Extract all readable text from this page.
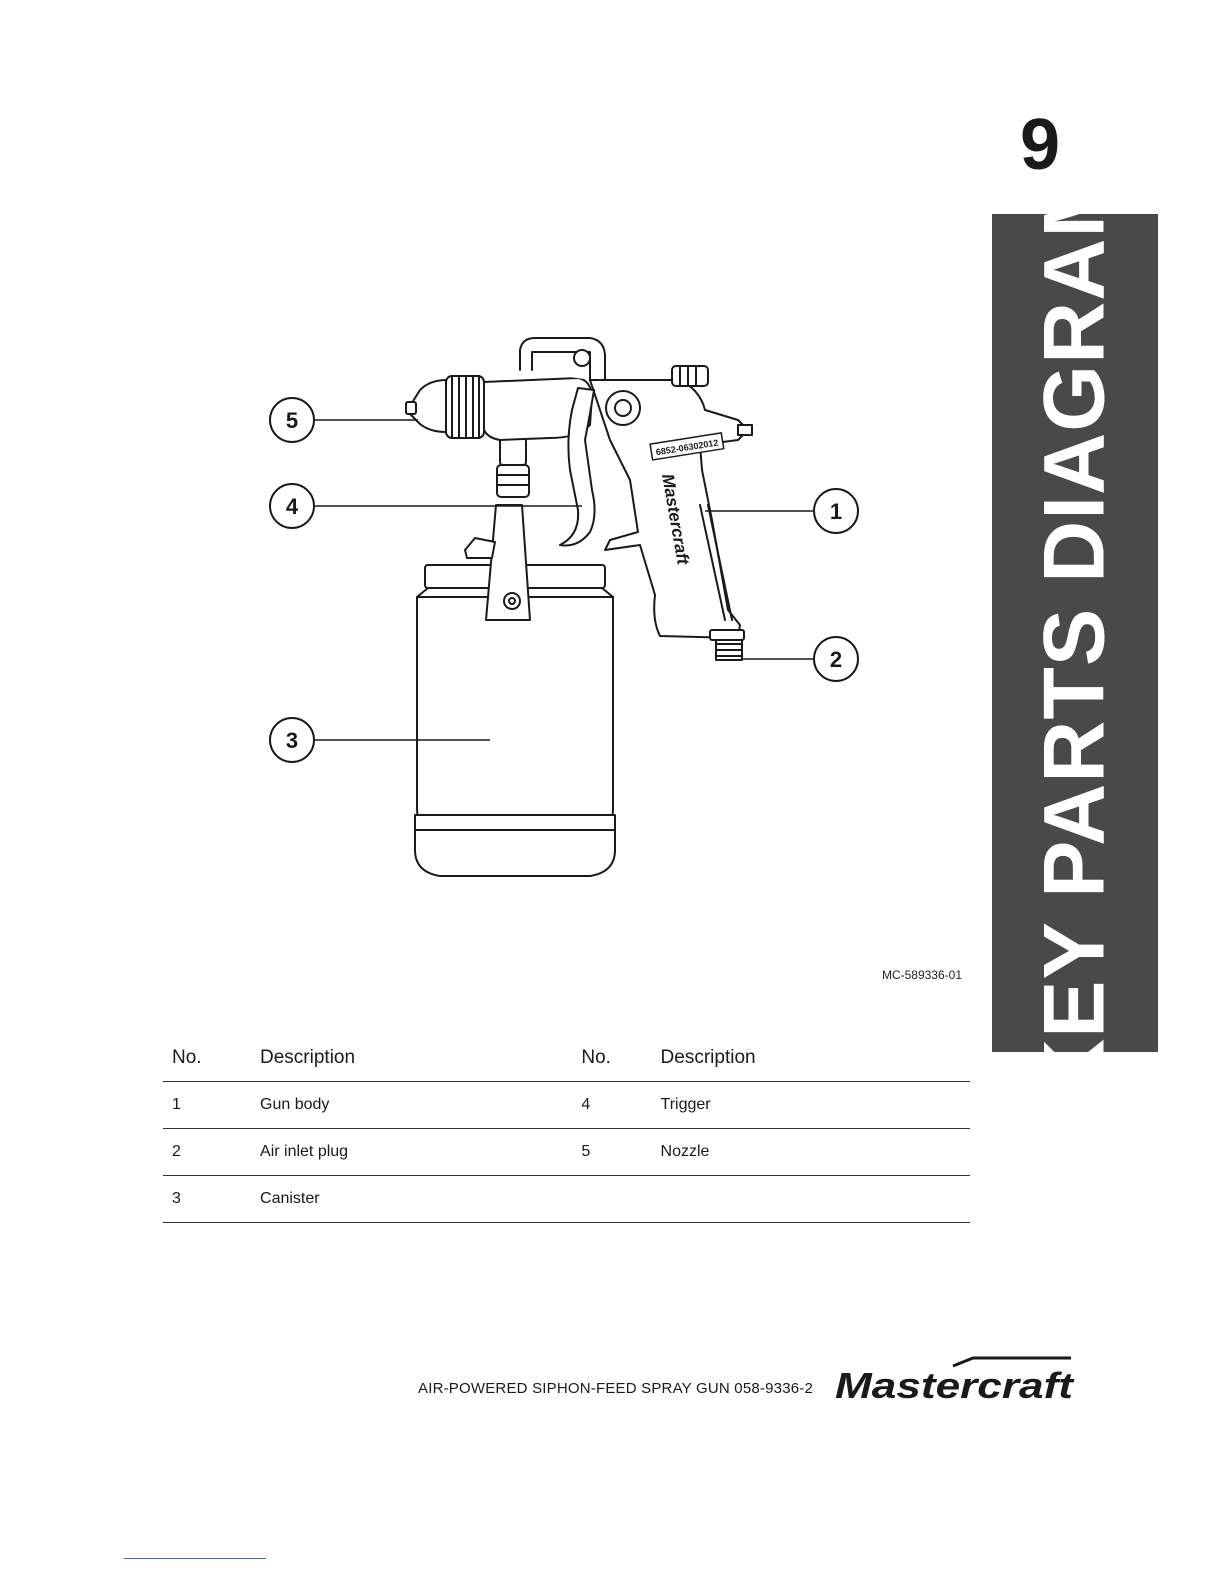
9
KEY PARTS DIAGRAM
6852-06302012
Mastercraft
5
4
3
1
2
MC-589336-01
No.	Description	No.	Description
1	Gun body	4	Trigger
2	Air inlet plug	5	Nozzle
3	Canister		
AIR-POWERED SIPHON-FEED SPRAY GUN 058-9336-2 Mastercraft
